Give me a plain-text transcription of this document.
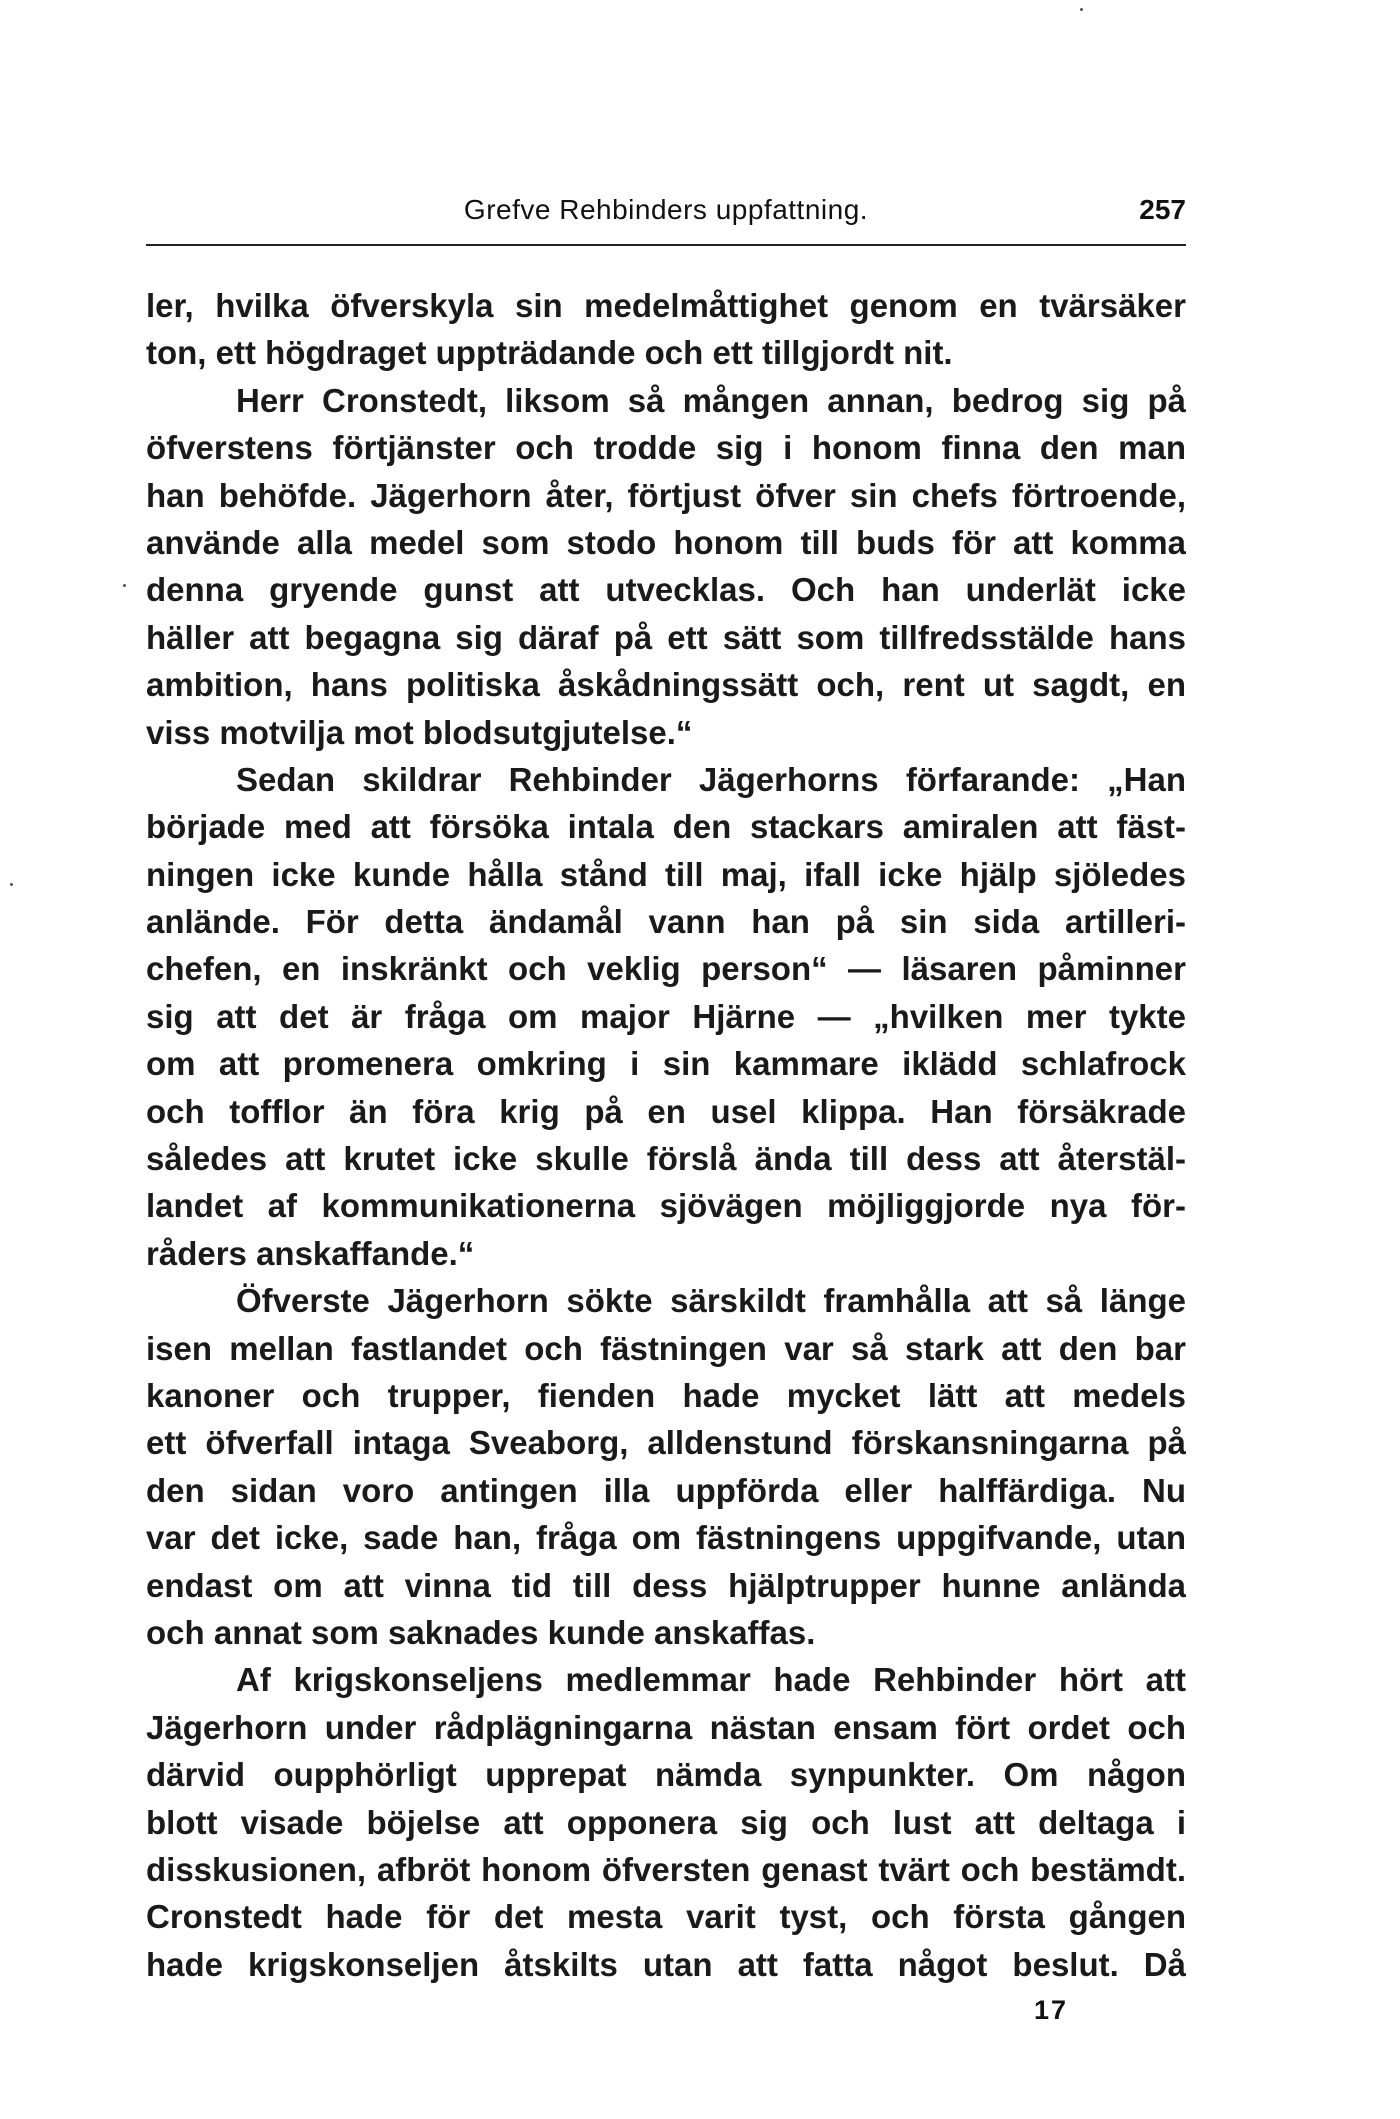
Grefve Rehbinders uppfattning.	257

ler, hvilka öfverskyla sin medelmåttighet genom en tvärsäker
ton, ett högdraget uppträdande och ett tillgjordt nit.

Herr Cronstedt, liksom så mången annan, bedrog sig på
öfverstens förtjänster och trodde sig i honom finna den man
han behöfde. Jägerhorn åter, förtjust öfver sin chefs förtroende,
använde alla medel som stodo honom till buds för att komma
denna gryende gunst att utvecklas. Och han underlät icke
häller att begagna sig däraf på ett sätt som tillfredsstälde hans
ambition, hans politiska åskådningssätt och, rent ut sagdt, en
viss motvilja mot blodsutgjutelse.“

Sedan skildrar Rehbinder Jägerhorns förfarande: „Han
började med att försöka intala den stackars amiralen att fäst-
ningen icke kunde hålla stånd till maj, ifall icke hjälp sjöledes
anlände. För detta ändamål vann han på sin sida artilleri-
chefen, en inskränkt och veklig person“ — läsaren påminner
sig att det är fråga om major Hjärne — „hvilken mer tykte
om att promenera omkring i sin kammare iklädd schlafrock
och tofflor än föra krig på en usel klippa. Han försäkrade
således att krutet icke skulle förslå ända till dess att återstäl-
landet af kommunikationerna sjövägen möjliggjorde nya för-
råders anskaffande.“

Öfverste Jägerhorn sökte särskildt framhålla att så länge
isen mellan fastlandet och fästningen var så stark att den bar
kanoner och trupper, fienden hade mycket lätt att medels
ett öfverfall intaga Sveaborg, alldenstund förskansningarna på
den sidan voro antingen illa uppförda eller halffärdiga. Nu
var det icke, sade han, fråga om fästningens uppgifvande, utan
endast om att vinna tid till dess hjälptrupper hunne anlända
och annat som saknades kunde anskaffas.

Af krigskonseljens medlemmar hade Rehbinder hört att
Jägerhorn under rådplägningarna nästan ensam fört ordet och
därvid oupphörligt upprepat nämda synpunkter. Om någon
blott visade böjelse att opponera sig och lust att deltaga i
disskusionen, afbröt honom öfversten genast tvärt och bestämdt.
Cronstedt hade för det mesta varit tyst, och första gången
hade krigskonseljen åtskilts utan att fatta något beslut. Då

17
